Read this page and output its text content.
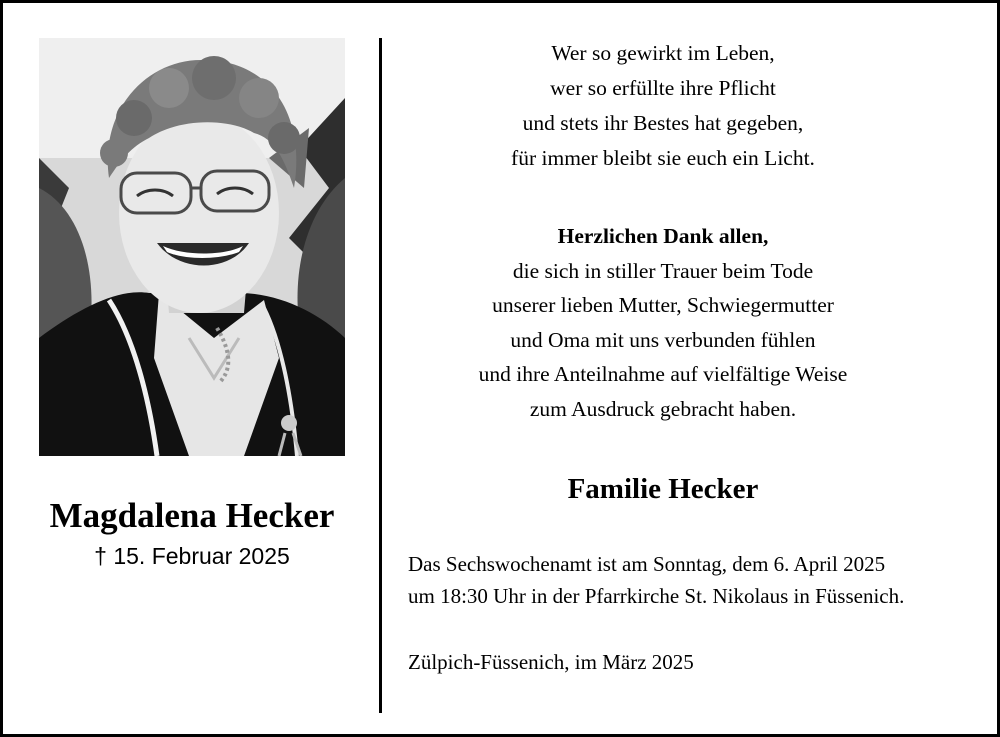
Magdalena Hecker
† 15. Februar 2025
Wer so gewirkt im Leben,
wer so erfüllte ihre Pflicht
und stets ihr Bestes hat gegeben,
für immer bleibt sie euch ein Licht.
Herzlichen Dank allen,
die sich in stiller Trauer beim Tode
unserer lieben Mutter, Schwiegermutter
und Oma mit uns verbunden fühlen
und ihre Anteilnahme auf vielfältige Weise
zum Ausdruck gebracht haben.
Familie Hecker
Das Sechswochenamt ist am Sonntag, dem 6. April 2025
um 18:30 Uhr in der Pfarrkirche St. Nikolaus in Füssenich.
Zülpich-Füssenich, im März 2025
